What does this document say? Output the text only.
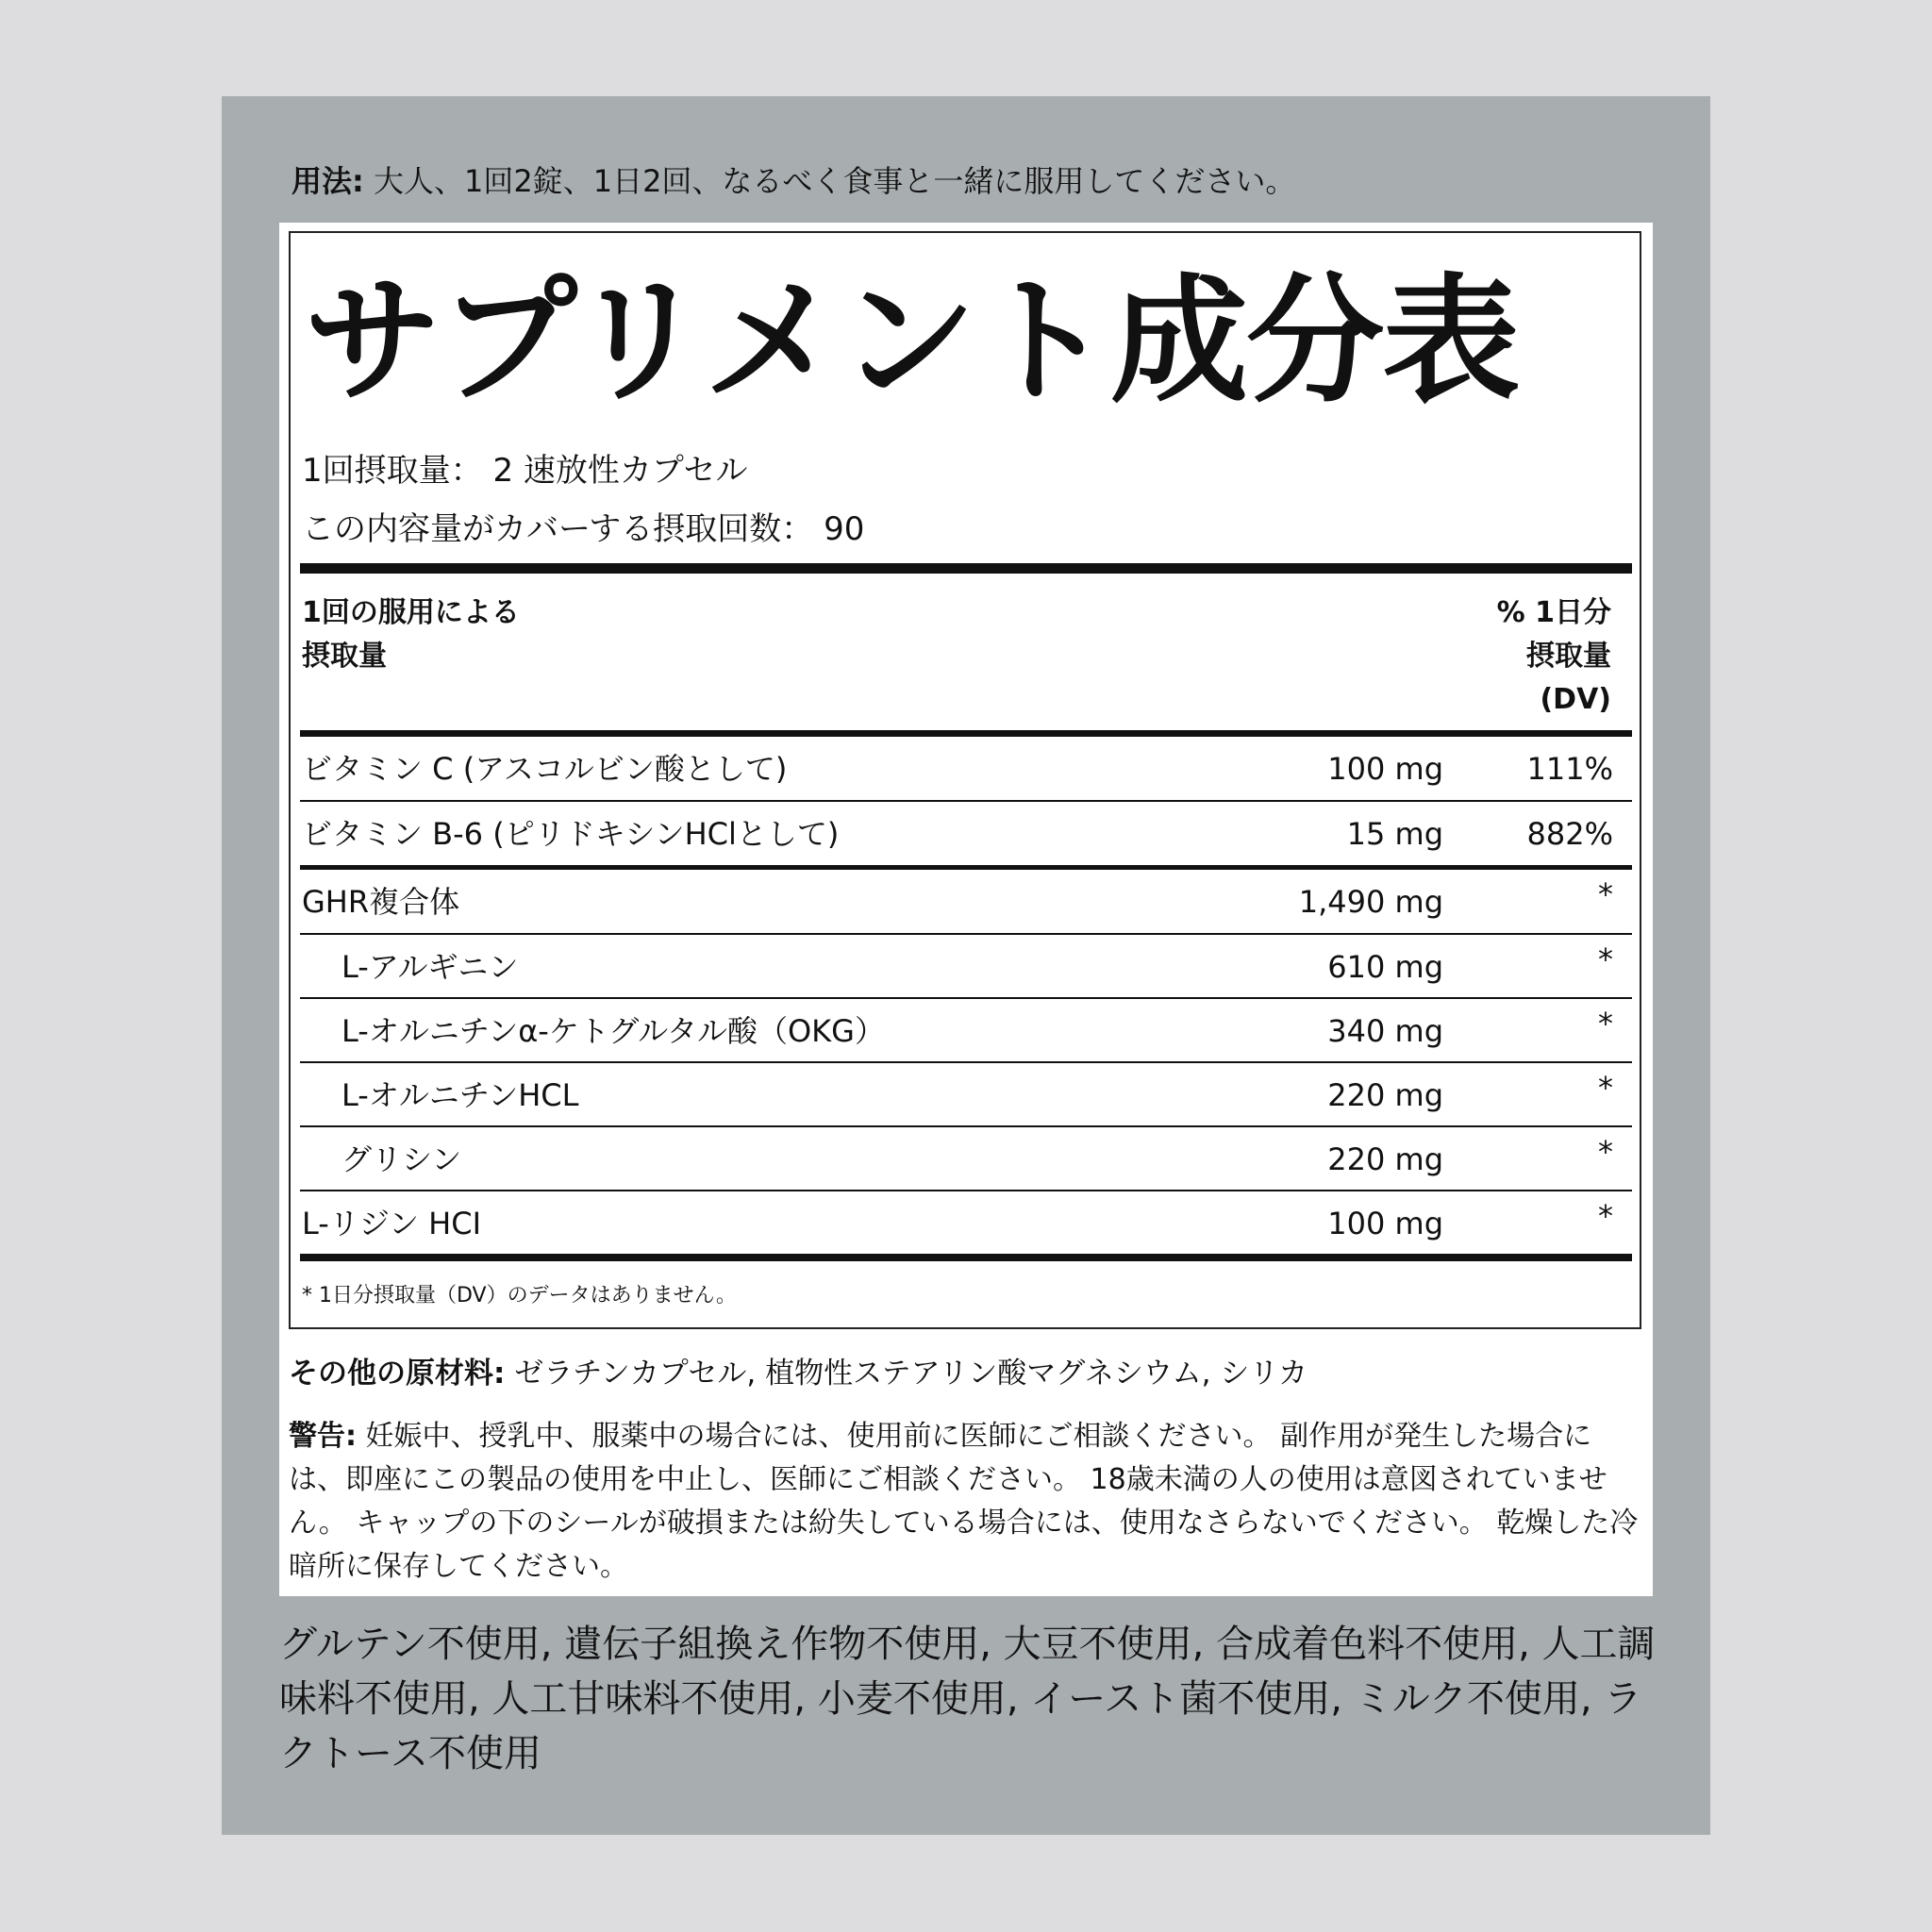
用法: 大人、1回2錠、1日2回、なるべく食事と一緒に服用してください。
サプリメント成分表
1回摂取量： 2 速放性カプセル
この内容量がカバーする摂取回数： 90
1回の服用による
摂取量
% 1日分
摂取量
(DV)
ビタミン C (アスコルビン酸として)	100 mg	111%
ビタミン B-6 (ピリドキシンHClとして)	15 mg	882%
GHR複合体	1,490 mg	*
L-アルギニン	610 mg	*
L-オルニチンα-ケトグルタル酸（OKG）	340 mg	*
L-オルニチンHCL	220 mg	*
グリシン	220 mg	*
L-リジン HCI	100 mg	*
* 1日分摂取量（DV）のデータはありません。
その他の原材料: ゼラチンカプセル, 植物性ステアリン酸マグネシウム, シリカ
警告: 妊娠中、授乳中、服薬中の場合には、使用前に医師にご相談ください。 副作用が発生した場合には、即座にこの製品の使用を中止し、医師にご相談ください。 18歳未満の人の使用は意図されていません。 キャップの下のシールが破損または紛失している場合には、使用なさらないでください。 乾燥した冷暗所に保存してください。
グルテン不使用, 遺伝子組換え作物不使用, 大豆不使用, 合成着色料不使用, 人工調味料不使用, 人工甘味料不使用, 小麦不使用, イースト菌不使用, ミルク不使用, ラクトース不使用
